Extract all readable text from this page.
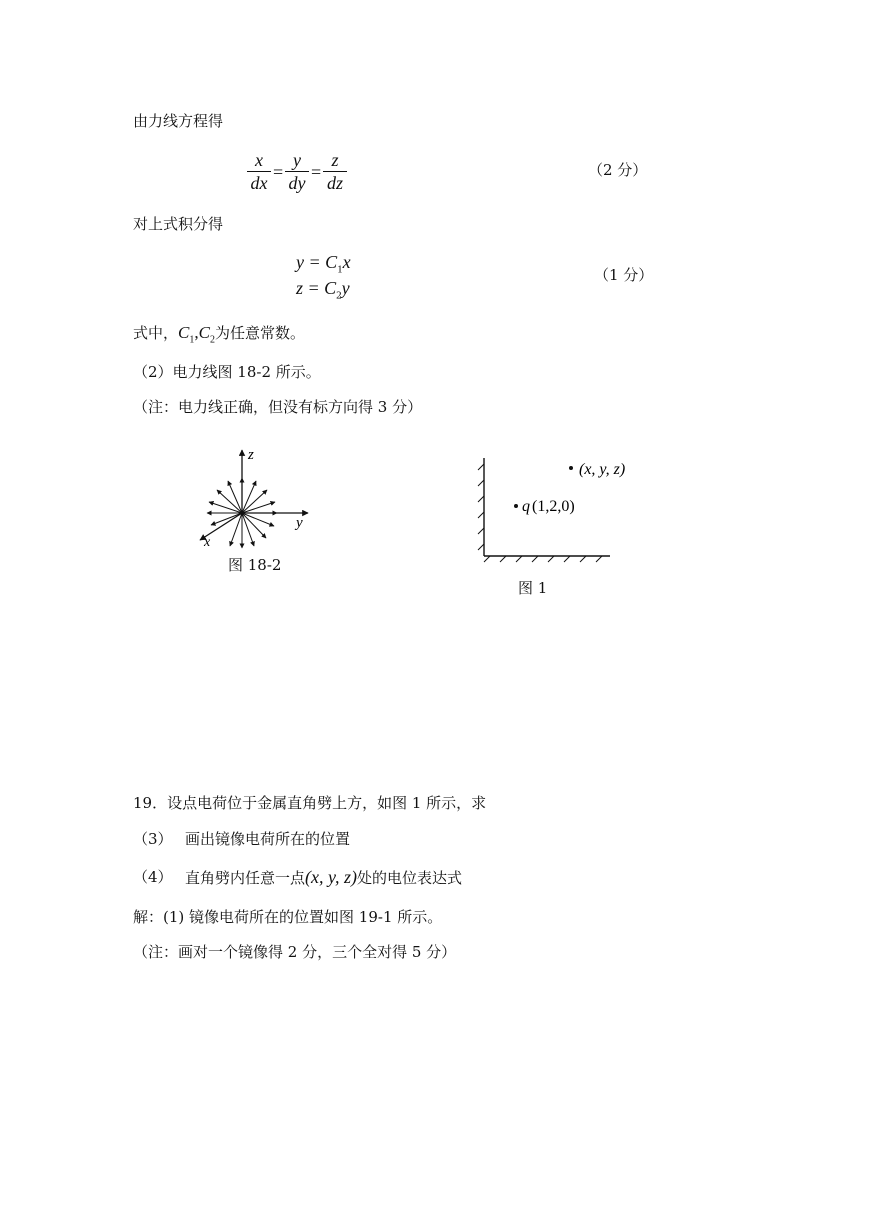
由力线方程得
x
dx
=
y
dy
=
z
dz
（2 分）
对上式积分得
$y = C_1x$
$z = C_2y$
（1 分）
式中，$C_1,C_2$为任意常数。
（2）电力线图 18-2 所示。
（注：电力线正确，但没有标方向得 3 分）
z
y
x
图 18-2
(x, y, z)
q (1,2,0)
图 1
19．设点电荷位于金属直角劈上方，如图 1 所示，求
（3） 画出镜像电荷所在的位置
（4） 直角劈内任意一点(x, y, z)处的电位表达式
解：(1) 镜像电荷所在的位置如图 19-1 所示。
（注：画对一个镜像得 2 分，三个全对得 5 分）
